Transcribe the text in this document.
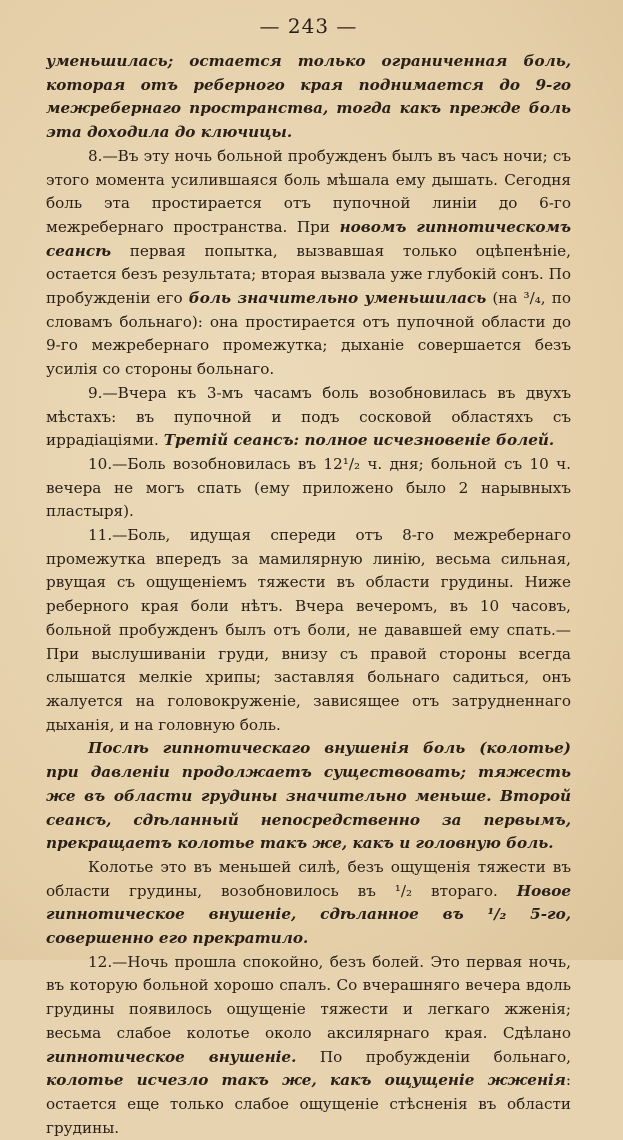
— 243 —

уменьшилась; остается только ограниченная боль, которая отъ реберного края поднимается до 9-го межребернаго пространства, тогда какъ прежде боль эта доходила до ключицы.

8.—Въ эту ночь больной пробужденъ былъ въ часъ ночи; съ этого момента усилившаяся боль мѣшала ему дышать. Сегодня боль эта простирается отъ пупочной линіи до 6-го межребернаго пространства. При новомъ гипнотическомъ сеансѣ первая попытка, вызвавшая только оцѣпенѣніе, остается безъ результата; вторая вызвала уже глубокій сонъ. По пробужденіи его боль значительно уменьшилась (на ³/₄, по словамъ больнаго): она простирается отъ пупочной области до 9-го межребернаго промежутка; дыханіе совершается безъ усилія со стороны больнаго.

9.—Вчера къ 3-мъ часамъ боль возобновилась въ двухъ мѣстахъ: въ пупочной и подъ сосковой областяхъ съ иррадіаціями. Третій сеансъ: полное исчезновеніе болей.

10.—Боль возобновилась въ 12¹/₂ ч. дня; больной съ 10 ч. вечера не могъ спать (ему приложено было 2 нарывныхъ пластыря).

11.—Боль, идущая спереди отъ 8-го межребернаго промежутка впередъ за мамилярную линію, весьма сильная, рвущая съ ощущеніемъ тяжести въ области грудины. Ниже реберного края боли нѣтъ. Вчера вечеромъ, въ 10 часовъ, больной пробужденъ былъ отъ боли, не дававшей ему спать.—При выслушиваніи груди, внизу съ правой стороны всегда слышатся мелкіе хрипы; заставляя больнаго садиться, онъ жалуется на головокруженіе, зависящее отъ затрудненнаго дыханія, и на головную боль.

Послѣ гипнотическаго внушенія боль (колотье) при давленіи продолжаетъ существовать; тяжесть же въ области грудины значительно меньше. Второй сеансъ, сдѣланный непосредственно за первымъ, прекращаетъ колотье такъ же, какъ и головную боль.

Колотье это въ меньшей силѣ, безъ ощущенія тяжести въ области грудины, возобновилось въ ¹/₂ втораго. Новое гипнотическое внушеніе, сдѣланное въ ¹/₂ 5-го, совершенно его прекратило.

12.—Ночь прошла спокойно, безъ болей. Это первая ночь, въ которую больной хорошо спалъ. Со вчерашняго вечера вдоль грудины появилось ощущеніе тяжести и легкаго жженія; весьма слабое колотье около аксилярнаго края. Сдѣлано гипнотическое внушеніе. По пробужденіи больнаго, колотье исчезло такъ же, какъ ощущеніе жженія: остается еще только слабое ощущеніе стѣсненія въ области грудины.
